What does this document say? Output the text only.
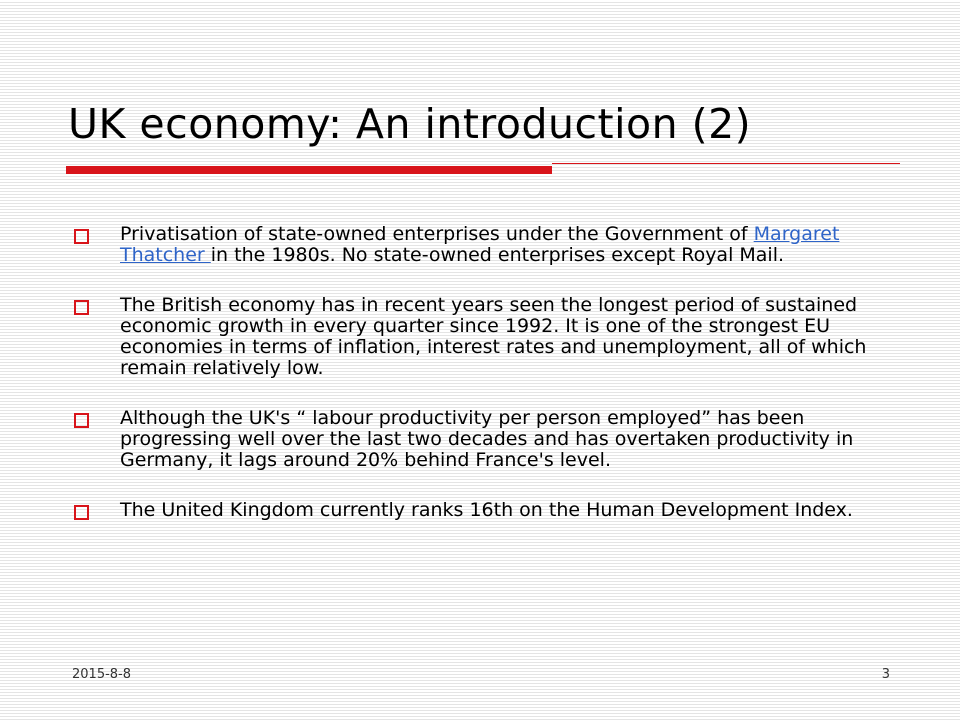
UK economy: An introduction (2)
Privatisation of state-owned enterprises under the Government of Margaret Thatcher in the 1980s. No state-owned enterprises except Royal Mail.
The British economy has in recent years seen the longest period of sustained economic growth in every quarter since 1992. It is one of the strongest EU economies in terms of inflation, interest rates and unemployment, all of which remain relatively low.
Although the UK's “ labour productivity per person employed” has been progressing well over the last two decades and has overtaken productivity in Germany, it lags around 20% behind France's level.
The United Kingdom currently ranks 16th on the Human Development Index.
2015-8-8	3
